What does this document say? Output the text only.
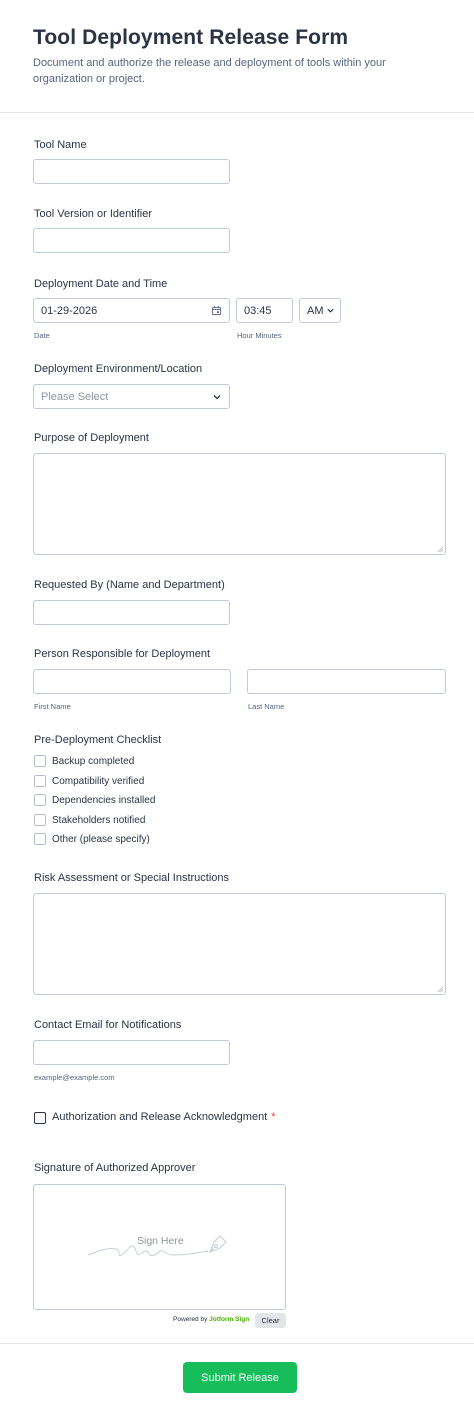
Tool Deployment Release Form
Document and authorize the release and deployment of tools within your organization or project.
Tool Name
Tool Version or Identifier
Deployment Date and Time
01-29-2026
Date
03:45
Hour Minutes
AM
Deployment Environment/Location
Please Select
Purpose of Deployment
Requested By (Name and Department)
Person Responsible for Deployment
First Name	Last Name
Pre-Deployment Checklist
Backup completed
Compatibility verified
Dependencies installed
Stakeholders notified
Other (please specify)
Risk Assessment or Special Instructions
Contact Email for Notifications
example@example.com
Authorization and Release Acknowledgment *
Signature of Authorized Approver
Sign Here
Powered by Jotform Sign	Clear
Submit Release
